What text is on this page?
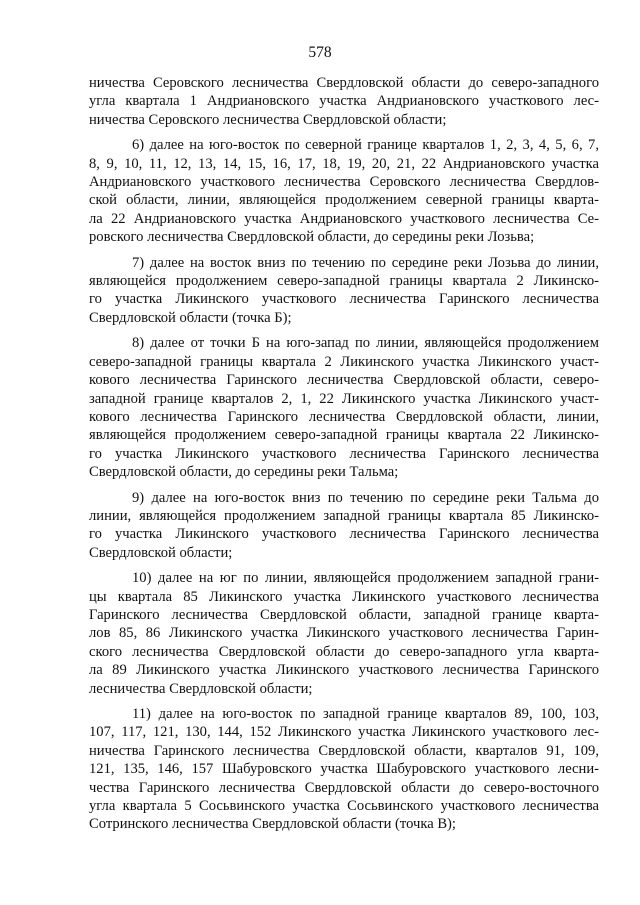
578

ничества Серовского лесничества Свердловской области до северо-западного
угла квартала 1 Андриановского участка Андриановского участкового лес-
ничества Серовского лесничества Свердловской области;

6) далее на юго-восток по северной границе кварталов 1, 2, 3, 4, 5, 6, 7,
8, 9, 10, 11, 12, 13, 14, 15, 16, 17, 18, 19, 20, 21, 22 Андриановского участка
Андриановского участкового лесничества Серовского лесничества Свердлов-
ской области, линии, являющейся продолжением северной границы кварта-
ла 22 Андриановского участка Андриановского участкового лесничества Се-
ровского лесничества Свердловской области, до середины реки Лозьва;

7) далее на восток вниз по течению по середине реки Лозьва до линии,
являющейся продолжением северо-западной границы квартала 2 Ликинско-
го участка Ликинского участкового лесничества Гаринского лесничества
Свердловской области (точка Б);

8) далее от точки Б на юго-запад по линии, являющейся продолжением
северо-западной границы квартала 2 Ликинского участка Ликинского участ-
кового лесничества Гаринского лесничества Свердловской области, северо-
западной границе кварталов 2, 1, 22 Ликинского участка Ликинского участ-
кового лесничества Гаринского лесничества Свердловской области, линии,
являющейся продолжением северо-западной границы квартала 22 Ликинско-
го участка Ликинского участкового лесничества Гаринского лесничества
Свердловской области, до середины реки Тальма;

9) далее на юго-восток вниз по течению по середине реки Тальма до
линии, являющейся продолжением западной границы квартала 85 Ликинско-
го участка Ликинского участкового лесничества Гаринского лесничества
Свердловской области;

10) далее на юг по линии, являющейся продолжением западной грани-
цы квартала 85 Ликинского участка Ликинского участкового лесничества
Гаринского лесничества Свердловской области, западной границе кварта-
лов 85, 86 Ликинского участка Ликинского участкового лесничества Гарин-
ского лесничества Свердловской области до северо-западного угла кварта-
ла 89 Ликинского участка Ликинского участкового лесничества Гаринского
лесничества Свердловской области;

11) далее на юго-восток по западной границе кварталов 89, 100, 103,
107, 117, 121, 130, 144, 152 Ликинского участка Ликинского участкового лес-
ничества Гаринского лесничества Свердловской области, кварталов 91, 109,
121, 135, 146, 157 Шабуровского участка Шабуровского участкового лесни-
чества Гаринского лесничества Свердловской области до северо-восточного
угла квартала 5 Сосьвинского участка Сосьвинского участкового лесничества
Сотринского лесничества Свердловской области (точка В);
